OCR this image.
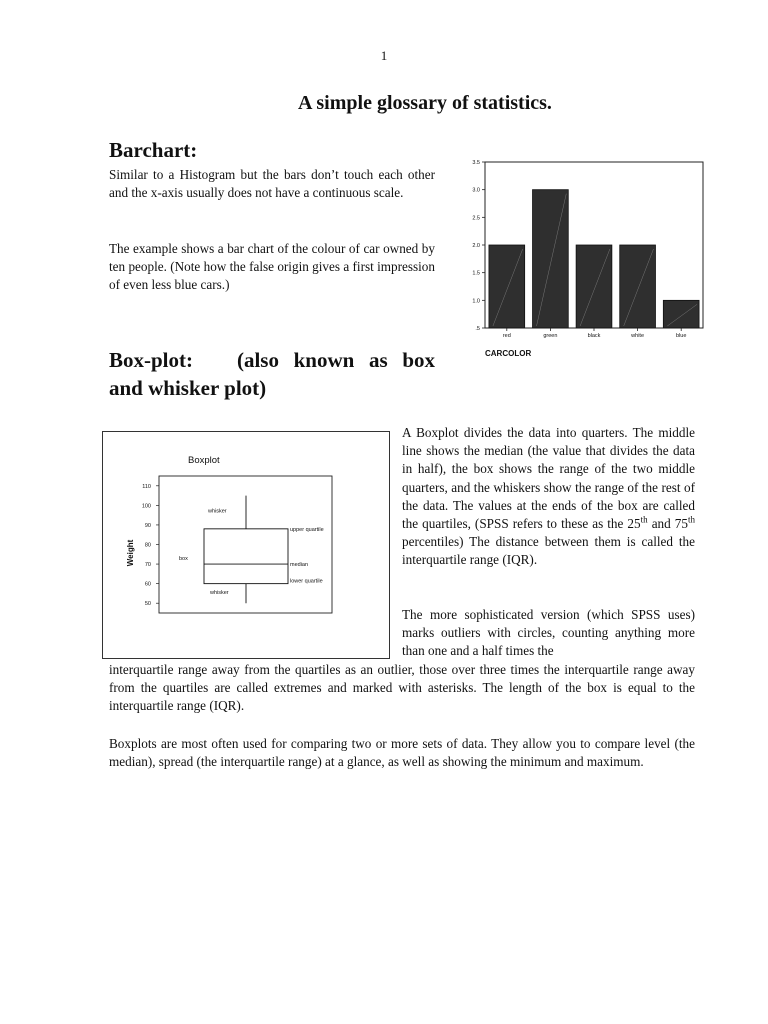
1
A simple glossary of statistics.
Barchart:
Similar to a Histogram but the bars don’t touch each other and the x-axis usually does not have a continuous scale.
The example shows a bar chart of the colour of car owned by ten people. (Note how the false origin gives a first impression of even less blue cars.)
.5
1.0
1.5
2.0
2.5
3.0
3.5
red	green	black	white	blue
CARCOLOR
Box-plot:   (also known as box
and whisker plot)
Boxplot
Weight
50
60
70
80
90
100
110
whisker
upper quartile
median
lower quartile
box
whisker
A Boxplot divides the data into quarters. The middle line shows the median (the value that divides the data in half), the box shows the range of the two middle quarters, and the whiskers show the range of the rest of the data. The values at the ends of the box are called the quartiles, (SPSS refers to these as the 25th and 75th percentiles) The distance between them is called the interquartile range (IQR).
The more sophisticated version (which SPSS uses) marks outliers with circles, counting anything more than one and a half times the
interquartile range away from the quartiles as an outlier, those over three times the interquartile range away from the quartiles are called extremes and marked with asterisks. The length of the box is equal to the interquartile range (IQR).
Boxplots are most often used for comparing two or more sets of data. They allow you to compare level (the median), spread (the interquartile range) at a glance, as well as showing the minimum and maximum.
